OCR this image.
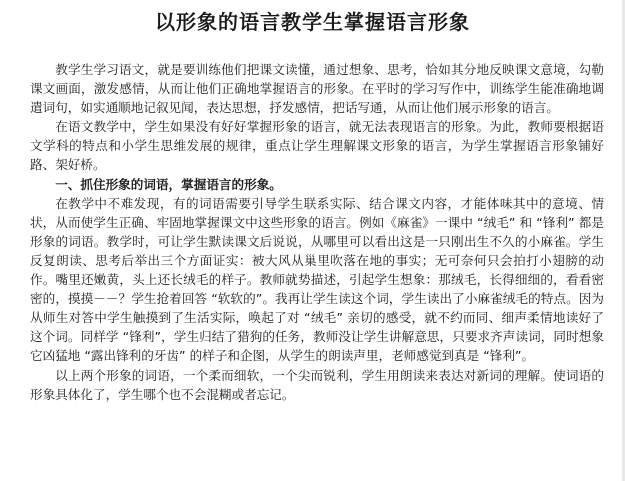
以形象的语言教学生掌握语言形象

教学生学习语文，就是要训练他们把课文读懂，通过想象、思考，恰如其分地反映课文意境，勾勒课文画面，激发感情，从而让他们正确地掌握语言的形象。在平时的学习写作中，训练学生能准确地调遣词句，如实通顺地记叙见闻，表达思想，抒发感情，把话写通，从而让他们展示形象的语言。

在语文教学中，学生如果没有好好掌握形象的语言，就无法表现语言的形象。为此，教师要根据语文学科的特点和小学生思维发展的规律，重点让学生理解课文形象的语言，为学生掌握语言形象铺好路、架好桥。

一、抓住形象的词语，掌握语言的形象。

在教学中不难发现，有的词语需要引导学生联系实际、结合课文内容，才能体味其中的意境、情状，从而使学生正确、牢固地掌握课文中这些形象的语言。例如《麻雀》一课中 “绒毛” 和 “锋利” 都是形象的词语。教学时，可让学生默读课文后说说，从哪里可以看出这是一只刚出生不久的小麻雀。学生反复朗读、思考后举出三个方面证实：被大风从巢里吹落在地的事实；无可奈何只会拍打小翅膀的动作。嘴里还嫩黄，头上还长绒毛的样子。教师就势描述，引起学生想象：那绒毛，长得细细的，看看密密的，摸摸－－？学生抢着回答 “软软的”。我再让学生读这个词，学生读出了小麻雀绒毛的特点。因为从师生对答中学生触摸到了生活实际，唤起了对 “绒毛” 亲切的感受，就不约而同、细声柔情地读好了这个词。同样学 “锋利”，学生归结了猎狗的任务，教师没让学生讲解意思，只要求齐声读词，同时想象它凶猛地 “露出锋利的牙齿” 的样子和企图，从学生的朗读声里，老师感觉到真是 “锋利”。

以上两个形象的词语，一个柔而细软，一个尖而锐利，学生用朗读来表达对新词的理解。使词语的形象具体化了，学生哪个也不会混糊或者忘记。
